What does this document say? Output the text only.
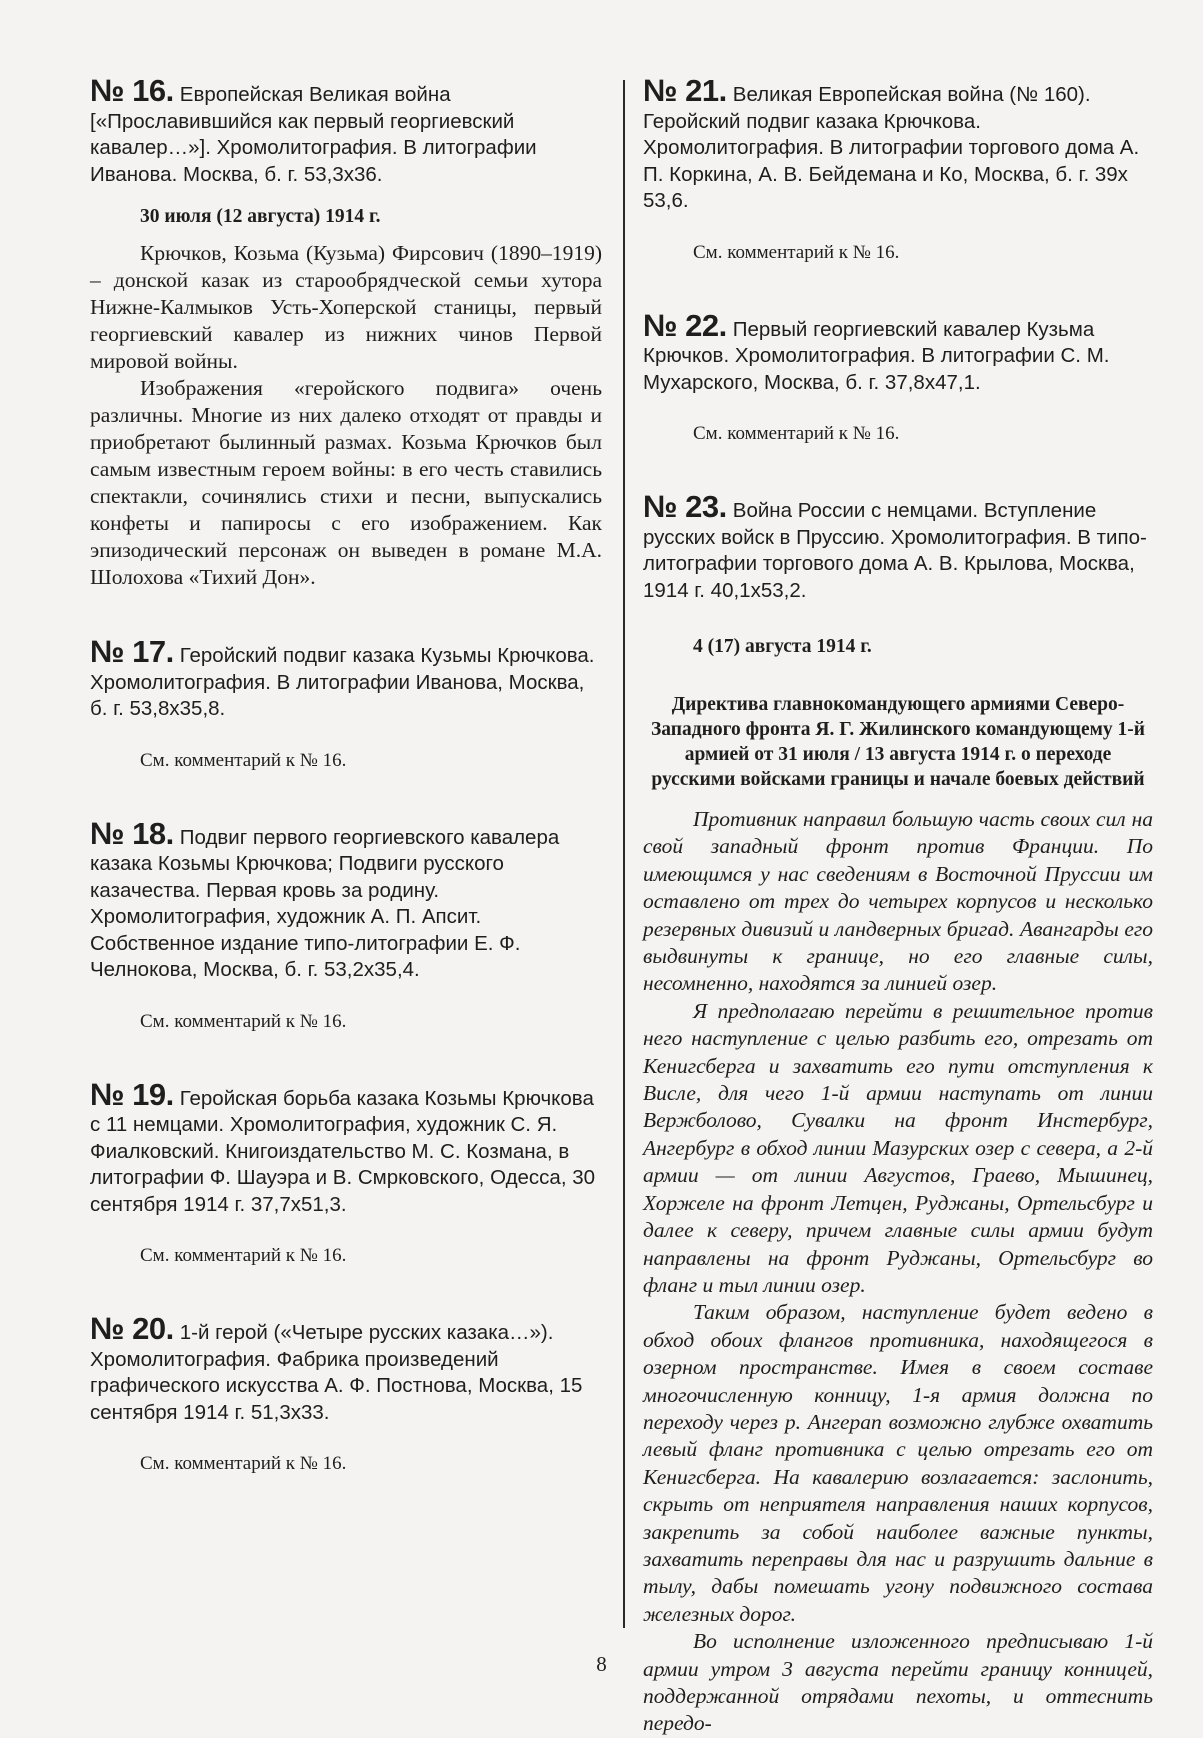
№ 16. Европейская Великая война [«Прославившийся как первый георгиевский кавалер…»]. Хромолитография. В литографии Иванова. Москва, б. г. 53,3х36.

30 июля (12 августа) 1914 г.

Крючков, Козьма (Кузьма) Фирсович (1890–1919) – донской казак из старообрядческой семьи хутора Нижне-Калмыков Усть-Хоперской станицы, первый георгиевский кавалер из нижних чинов Первой мировой войны.

Изображения «геройского подвига» очень различны. Многие из них далеко отходят от правды и приобретают былинный размах. Козьма Крючков был самым известным героем войны: в его честь ставились спектакли, сочинялись стихи и песни, выпускались конфеты и папиросы с его изображением. Как эпизодический персонаж он выведен в романе М.А. Шолохова «Тихий Дон».

№ 17. Геройский подвиг казака Кузьмы Крючкова. Хромолитография. В литографии Иванова, Москва, б. г. 53,8х35,8.

См. комментарий к № 16.

№ 18. Подвиг первого георгиевского кавалера казака Козьмы Крючкова; Подвиги русского казачества. Первая кровь за родину. Хромолитография, художник А. П. Апсит. Собственное издание типо-литографии Е. Ф. Челнокова, Москва, б. г. 53,2х35,4.

См. комментарий к № 16.

№ 19. Геройская борьба казака Козьмы Крючкова с 11 немцами. Хромолитография, художник С. Я. Фиалковский. Книгоиздательство М. С. Козмана, в литографии Ф. Шауэра и В. Смрковского, Одесса, 30 сентября 1914 г. 37,7х51,3.

См. комментарий к № 16.

№ 20. 1-й герой («Четыре русских казака…»). Хромолитография. Фабрика произведений графического искусства А. Ф. Постнова, Москва, 15 сентября 1914 г. 51,3х33.

См. комментарий к № 16.

№ 21. Великая Европейская война (№ 160). Геройский подвиг казака Крючкова. Хромолитография. В литографии торгового дома А. П. Коркина, А. В. Бейдемана и Ко, Москва, б. г. 39х 53,6.

См. комментарий к № 16.

№ 22. Первый георгиевский кавалер Кузьма Крючков. Хромолитография. В литографии С. М. Мухарского, Москва, б. г. 37,8х47,1.

См. комментарий к № 16.

№ 23. Война России с немцами. Вступление русских войск в Пруссию. Хромолитография. В типо-литографии торгового дома А. В. Крылова, Москва, 1914 г. 40,1х53,2.

4 (17) августа 1914 г.

Директива главнокомандующего армиями Северо-Западного фронта Я. Г. Жилинского командующему 1-й армией от 31 июля / 13 августа 1914 г. о переходе русскими войсками границы и начале боевых действий

Противник направил большую часть своих сил на свой западный фронт против Франции. По имеющимся у нас сведениям в Восточной Пруссии им оставлено от трех до четырех корпусов и несколько резервных дивизий и ландверных бригад. Авангарды его выдвинуты к границе, но его главные силы, несомненно, находятся за линией озер.

Я предполагаю перейти в решительное против него наступление с целью разбить его, отрезать от Кенигсберга и захватить его пути отступления к Висле, для чего 1-й армии наступать от линии Вержболово, Сувалки на фронт Инстербург, Ангербург в обход линии Мазурских озер с севера, а 2-й армии — от линии Августов, Граево, Мышинец, Хоржеле на фронт Летцен, Руджаны, Ортельсбург и далее к северу, причем главные силы армии будут направлены на фронт Руджаны, Ортельсбург во фланг и тыл линии озер.

Таким образом, наступление будет ведено в обход обоих флангов противника, находящегося в озерном пространстве. Имея в своем составе многочисленную конницу, 1-я армия должна по переходу через р. Ангерап возможно глубже охватить левый фланг противника с целью отрезать его от Кенигсберга. На кавалерию возлагается: заслонить, скрыть от неприятеля направления наших корпусов, закрепить за собой наиболее важные пункты, захватить переправы для нас и разрушить дальние в тылу, дабы помешать угону подвижного состава железных дорог.

Во исполнение изложенного предписываю 1-й армии утром 3 августа перейти границу конницей, поддержанной отрядами пехоты, и оттеснить передо-

8
